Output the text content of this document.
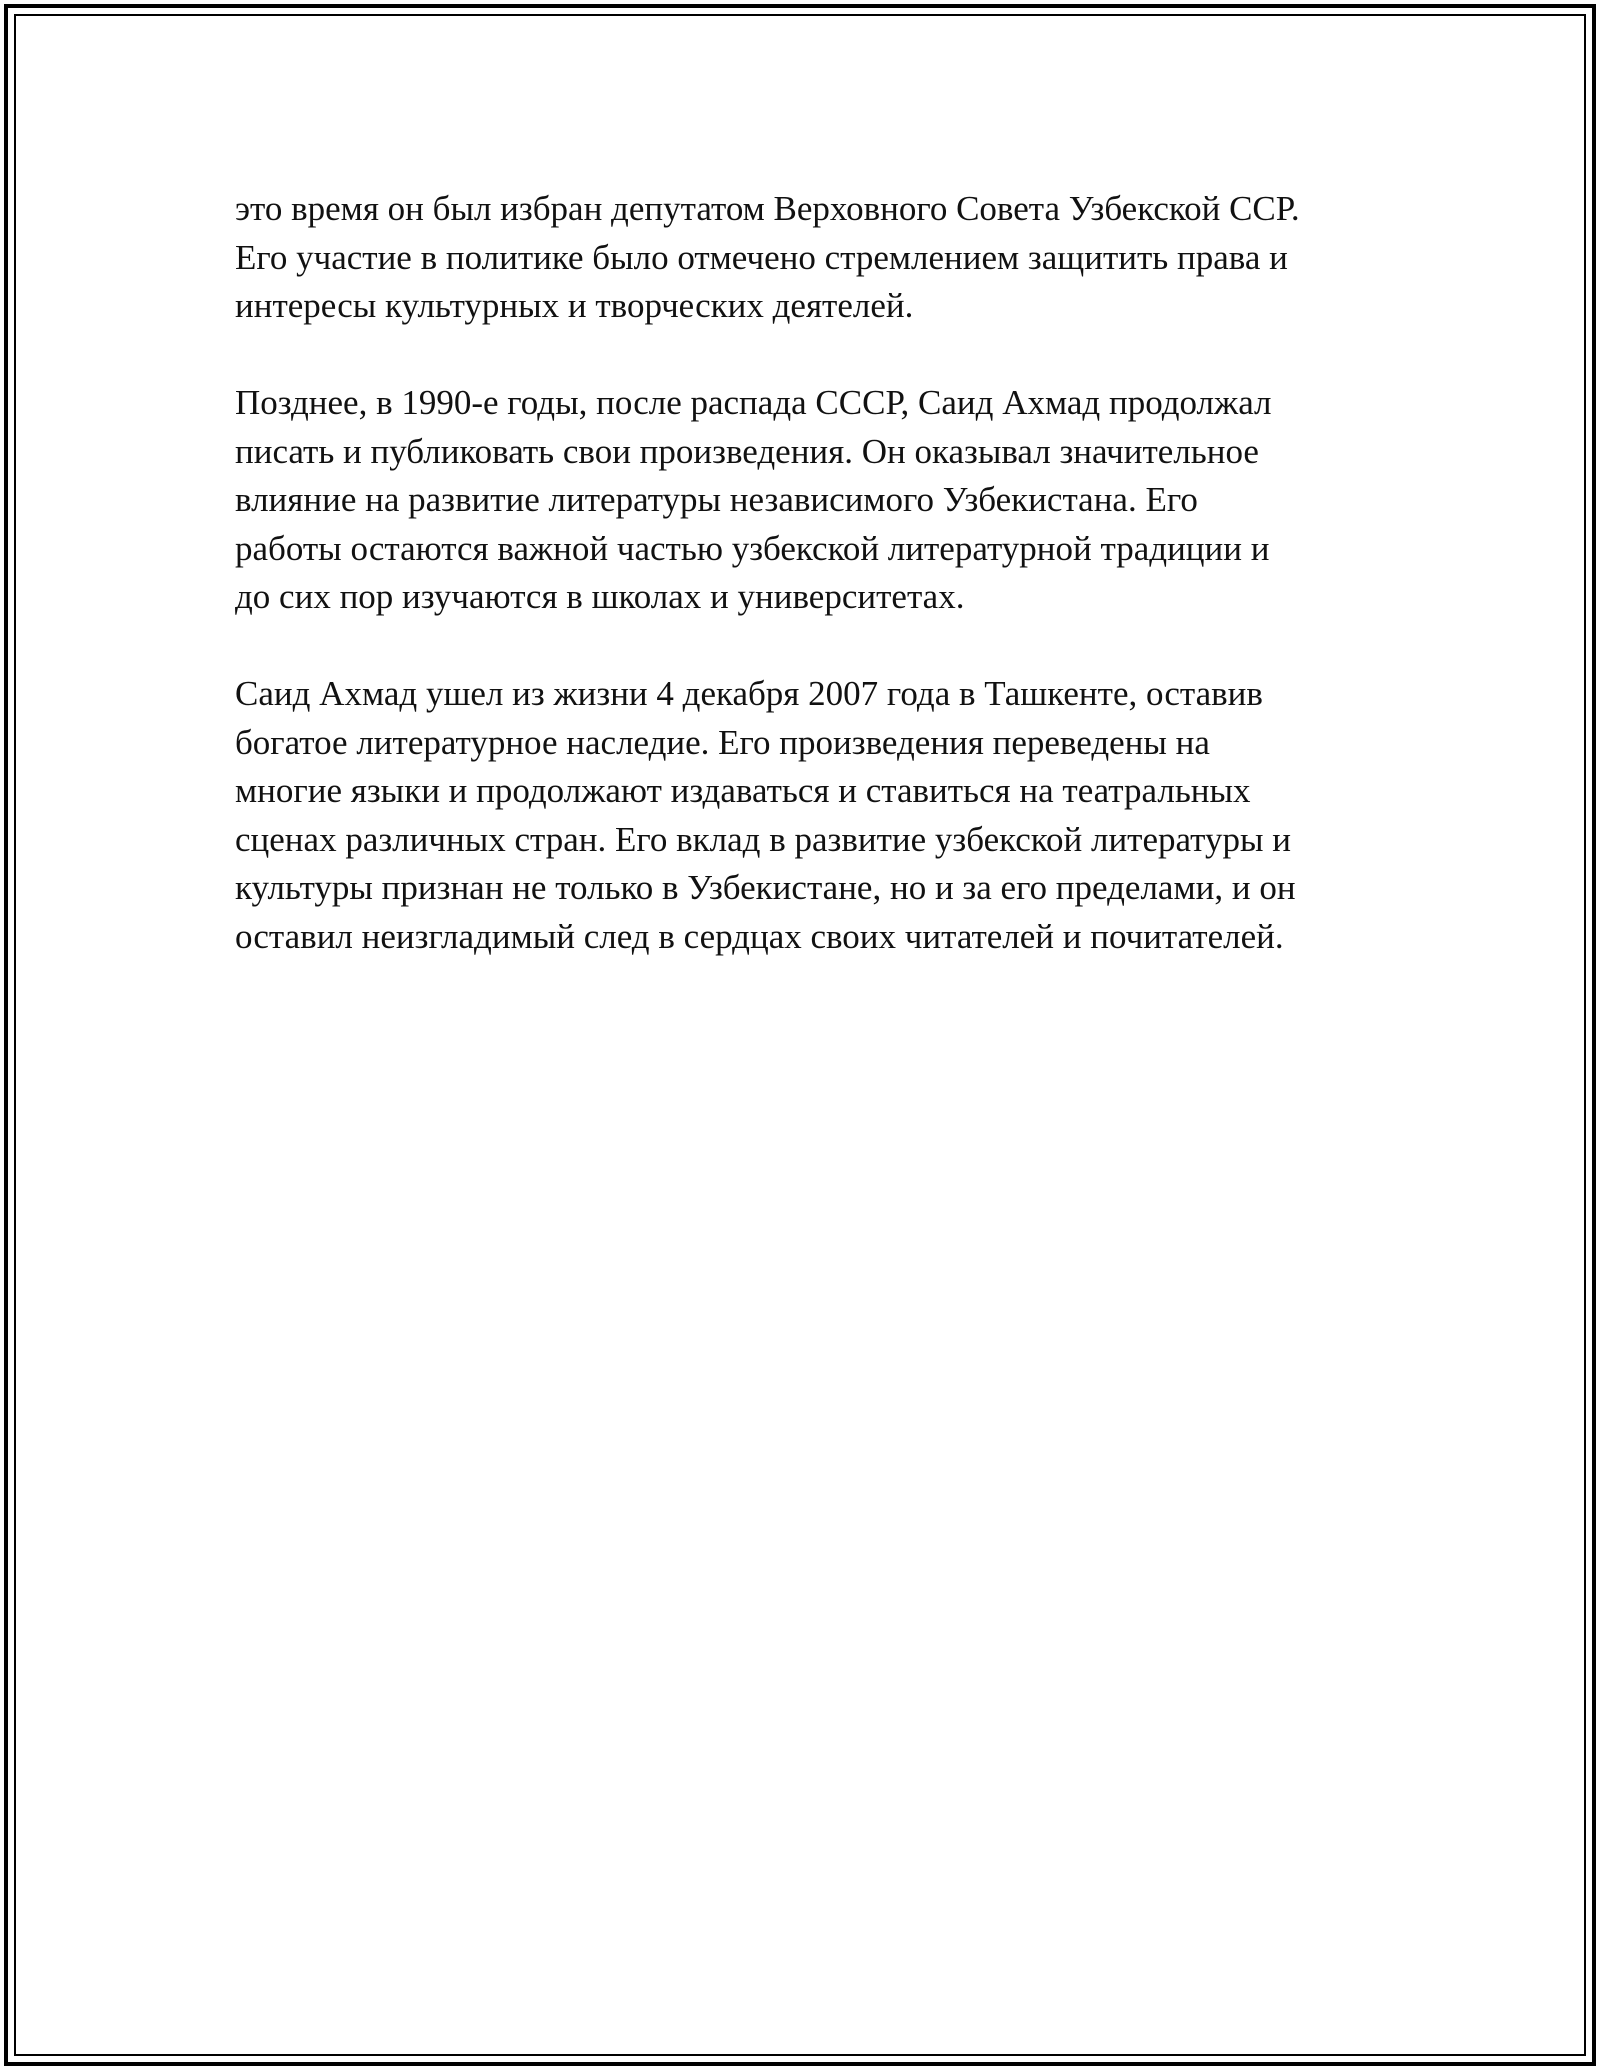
это время он был избран депутатом Верховного Совета Узбекской ССР.
Его участие в политике было отмечено стремлением защитить права и
интересы культурных и творческих деятелей.
Позднее, в 1990-е годы, после распада СССР, Саид Ахмад продолжал
писать и публиковать свои произведения. Он оказывал значительное
влияние на развитие литературы независимого Узбекистана. Его
работы остаются важной частью узбекской литературной традиции и
до сих пор изучаются в школах и университетах.
Саид Ахмад ушел из жизни 4 декабря 2007 года в Ташкенте, оставив
богатое литературное наследие. Его произведения переведены на
многие языки и продолжают издаваться и ставиться на театральных
сценах различных стран. Его вклад в развитие узбекской литературы и
культуры признан не только в Узбекистане, но и за его пределами, и он
оставил неизгладимый след в сердцах своих читателей и почитателей.
